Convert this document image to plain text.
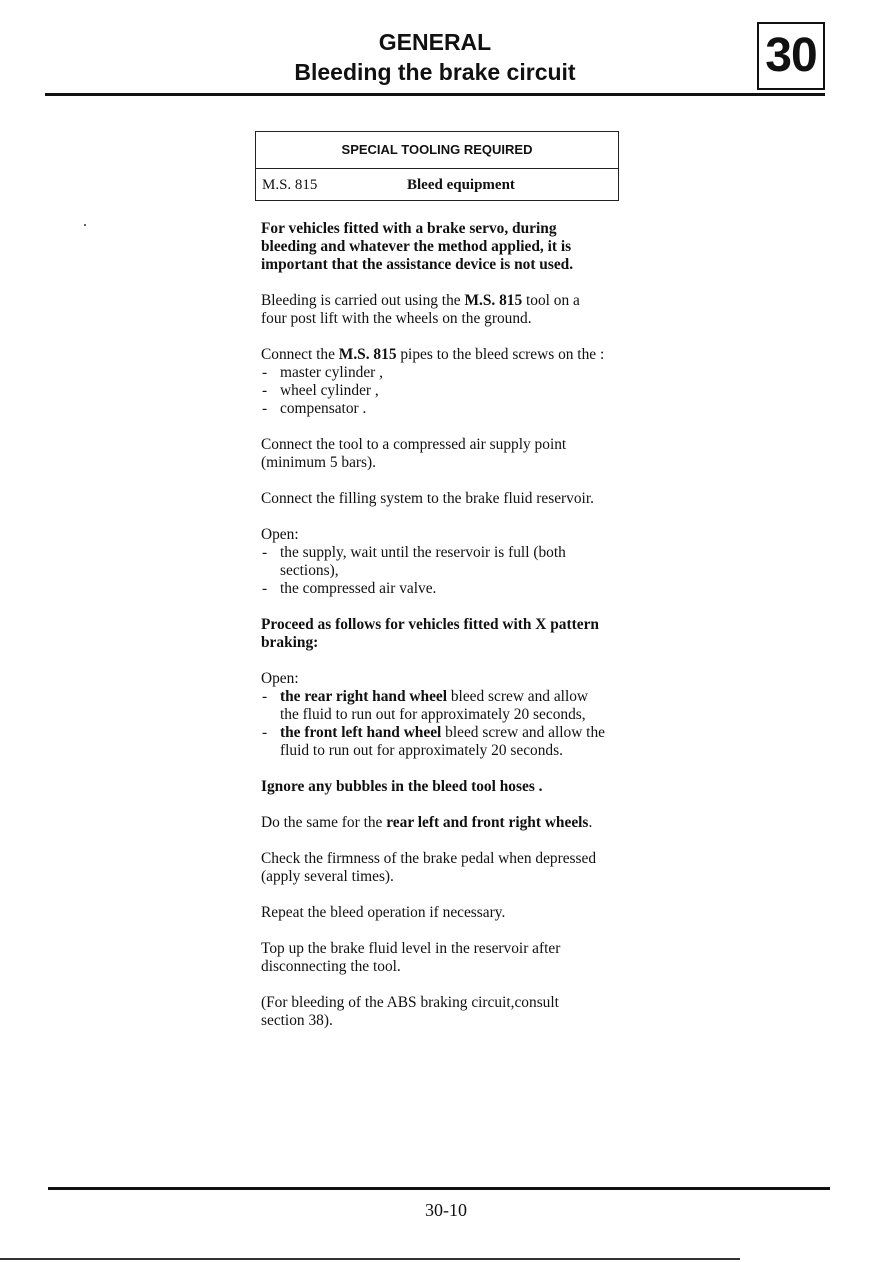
GENERAL
Bleeding the brake circuit	30
SPECIAL TOOLING REQUIRED
M.S. 815	Bleed equipment

For vehicles fitted with a brake servo, during bleeding and whatever the method applied, it is important that the assistance device is not used.

Bleeding is carried out using the M.S. 815 tool on a four post lift with the wheels on the ground.

Connect the M.S. 815 pipes to the bleed screws on the :

- master cylinder ,
- wheel cylinder ,
- compensator .

Connect the tool to a compressed air supply point (minimum 5 bars).

Connect the filling system to the brake fluid reservoir.

Open:

- the supply, wait until the reservoir is full (both sections),
- the compressed air valve.

Proceed as follows for vehicles fitted with X pattern braking:

Open:

- the rear right hand wheel bleed screw and allow the fluid to run out for approximately 20 seconds,
- the front left hand wheel bleed screw and allow the fluid to run out for approximately 20 seconds.

Ignore any bubbles in the bleed tool hoses .

Do the same for the rear left and front right wheels.

Check the firmness of the brake pedal when depressed (apply several times).

Repeat the bleed operation if necessary.

Top up the brake fluid level in the reservoir after disconnecting the tool.

(For bleeding of the ABS braking circuit,consult section 38).

30-10
